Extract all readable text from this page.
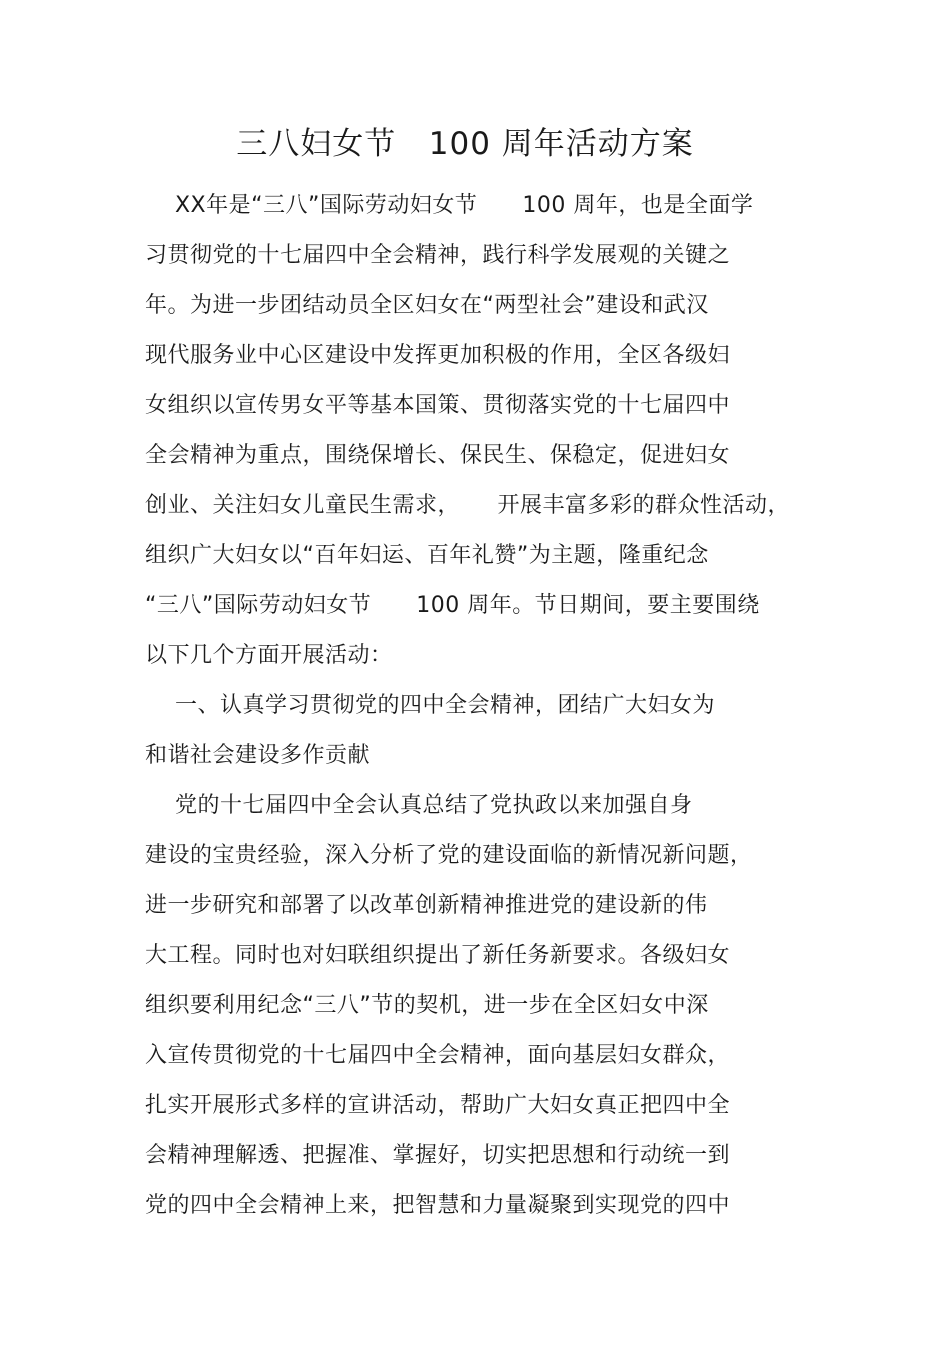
三八妇女节   100 周年活动方案
XX年是“三八”国际劳动妇女节      100 周年，也是全面学
习贯彻党的十七届四中全会精神，践行科学发展观的关键之
年。为进一步团结动员全区妇女在“两型社会”建设和武汉
现代服务业中心区建设中发挥更加积极的作用，全区各级妇
女组织以宣传男女平等基本国策、贯彻落实党的十七届四中
全会精神为重点，围绕保增长、保民生、保稳定，促进妇女
创业、关注妇女儿童民生需求，     开展丰富多彩的群众性活动，
组织广大妇女以“百年妇运、百年礼赞”为主题，隆重纪念
“三八”国际劳动妇女节      100 周年。节日期间，要主要围绕
以下几个方面开展活动：
一、认真学习贯彻党的四中全会精神，团结广大妇女为
和谐社会建设多作贡献
党的十七届四中全会认真总结了党执政以来加强自身
建设的宝贵经验，深入分析了党的建设面临的新情况新问题，
进一步研究和部署了以改革创新精神推进党的建设新的伟
大工程。同时也对妇联组织提出了新任务新要求。各级妇女
组织要利用纪念“三八”节的契机，进一步在全区妇女中深
入宣传贯彻党的十七届四中全会精神，面向基层妇女群众，
扎实开展形式多样的宣讲活动，帮助广大妇女真正把四中全
会精神理解透、把握准、掌握好，切实把思想和行动统一到
党的四中全会精神上来，把智慧和力量凝聚到实现党的四中
